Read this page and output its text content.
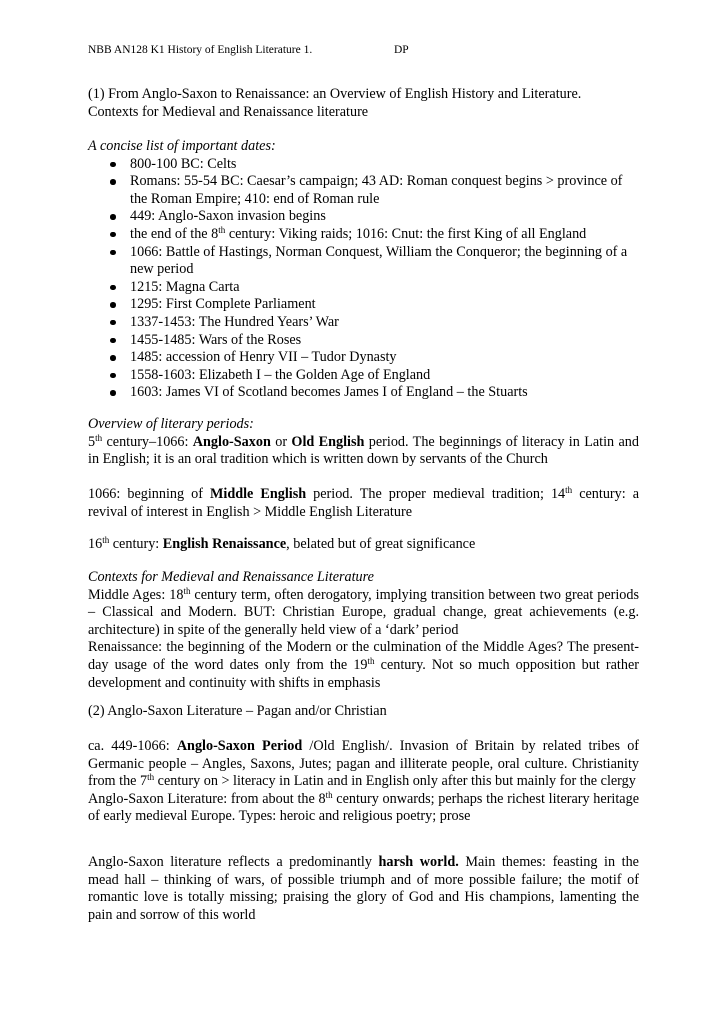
NBB AN128 K1 History of English Literature 1.	DP
(1) From Anglo-Saxon to Renaissance: an Overview of English History and Literature.
Contexts for Medieval and Renaissance literature
A concise list of important dates:
800-100 BC: Celts
Romans: 55-54 BC: Caesar’s campaign; 43 AD: Roman conquest begins > province of the Roman Empire; 410: end of Roman rule
449: Anglo-Saxon invasion begins
the end of the 8th century: Viking raids; 1016: Cnut: the first King of all England
1066: Battle of Hastings, Norman Conquest, William the Conqueror; the beginning of a new period
1215: Magna Carta
1295: First Complete Parliament
1337-1453: The Hundred Years’ War
1455-1485: Wars of the Roses
1485: accession of Henry VII – Tudor Dynasty
1558-1603: Elizabeth I – the Golden Age of England
1603: James VI of Scotland becomes James I of England – the Stuarts
Overview of literary periods:

5th century–1066: Anglo-Saxon or Old English period. The beginnings of literacy in Latin and in English; it is an oral tradition which is written down by servants of the Church

1066: beginning of Middle English period. The proper medieval tradition; 14th century: a revival of interest in English > Middle English Literature

16th century: English Renaissance, belated but of great significance

Contexts for Medieval and Renaissance Literature

Middle Ages: 18th century term, often derogatory, implying transition between two great periods – Classical and Modern. BUT: Christian Europe, gradual change, great achievements (e.g. architecture) in spite of the generally held view of a ‘dark’ period

Renaissance: the beginning of the Modern or the culmination of the Middle Ages? The present-day usage of the word dates only from the 19th century. Not so much opposition but rather development and continuity with shifts in emphasis

(2) Anglo-Saxon Literature – Pagan and/or Christian

ca. 449-1066: Anglo-Saxon Period /Old English/. Invasion of Britain by related tribes of Germanic people – Angles, Saxons, Jutes; pagan and illiterate people, oral culture. Christianity from the 7th century on > literacy in Latin and in English only after this but mainly for the clergy

Anglo-Saxon Literature: from about the 8th century onwards; perhaps the richest literary heritage of early medieval Europe. Types: heroic and religious poetry; prose

Anglo-Saxon literature reflects a predominantly harsh world. Main themes: feasting in the mead hall – thinking of wars, of possible triumph and of more possible failure; the motif of romantic love is totally missing; praising the glory of God and His champions, lamenting the pain and sorrow of this world
